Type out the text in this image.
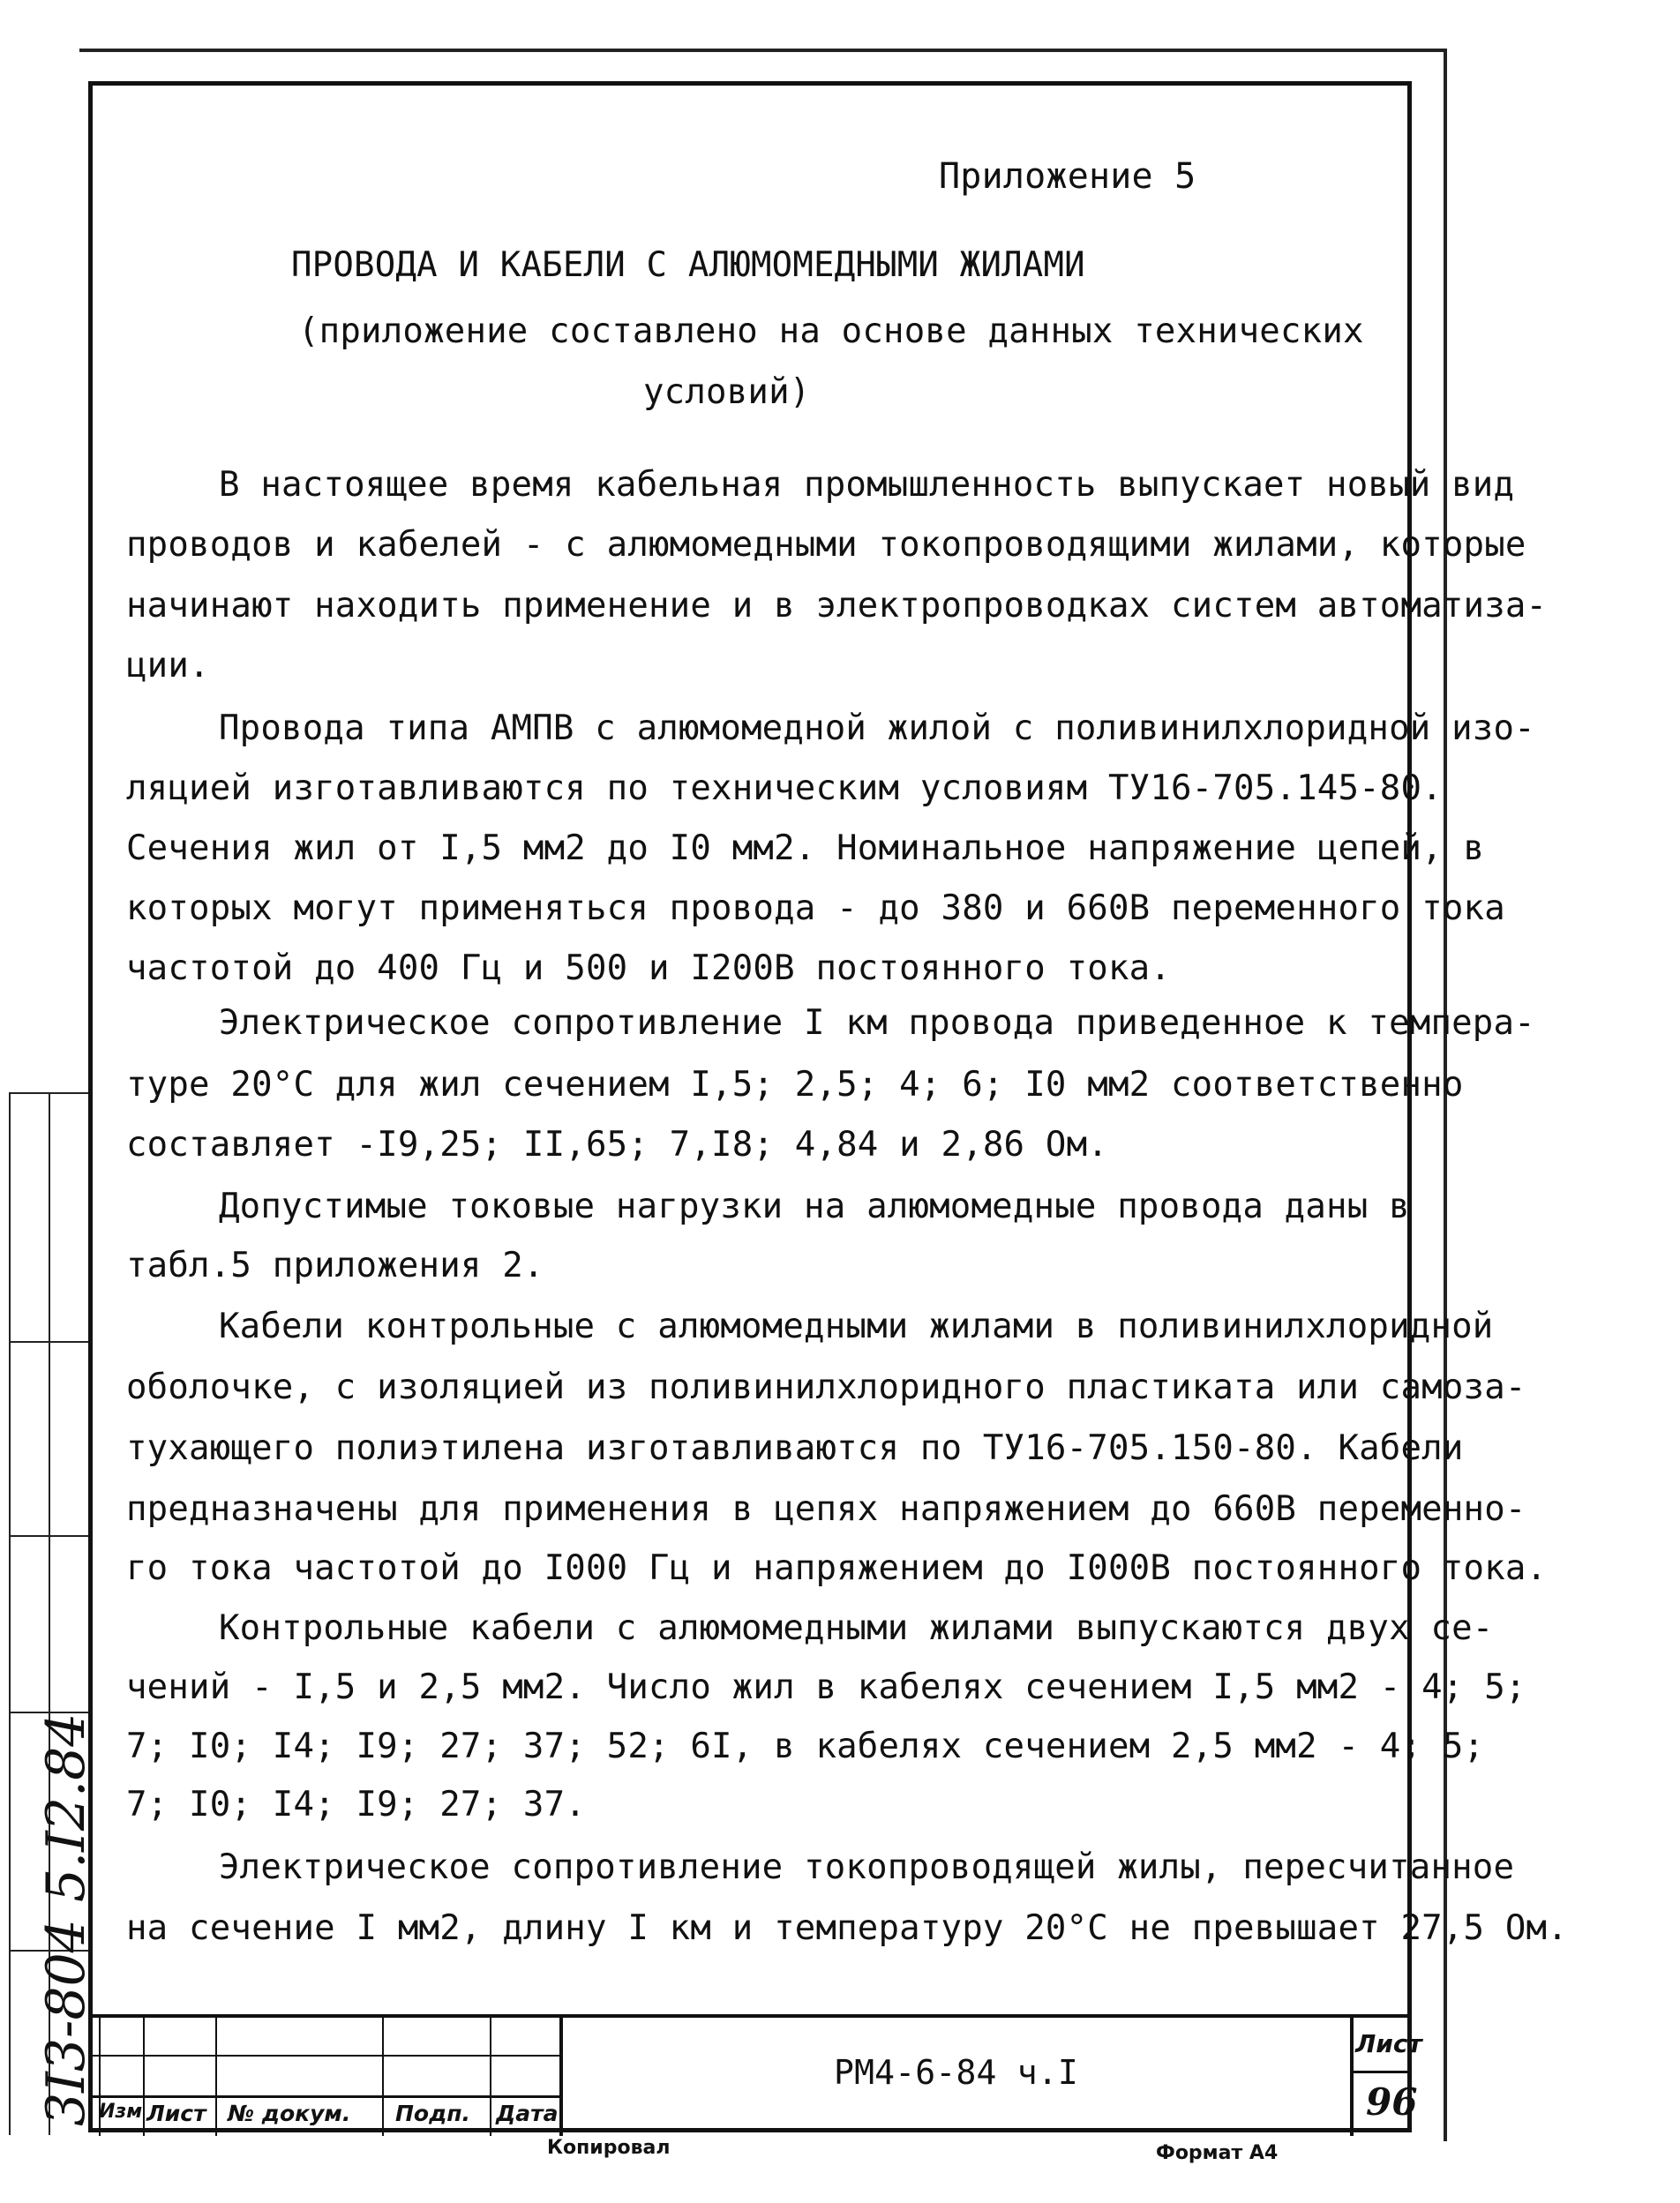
3I3-804 5.I2.84
Приложение 5
ПРОВОДА И КАБЕЛИ С АЛЮМОМЕДНЫМИ ЖИЛАМИ
(приложение составлено на основе данных технических
условий)
В настоящее время кабельная промышленность выпускает новый вид
проводов и кабелей - с алюмомедными токопроводящими жилами, которые
начинают находить применение и в электропроводках систем автоматиза-
ции.
Провода типа АМПВ с алюмомедной жилой с поливинилхлоридной изо-
ляцией изготавливаются по техническим условиям ТУ16-705.145-80.
Сечения жил от I,5 мм2 до I0 мм2. Номинальное напряжение цепей, в
которых могут применяться провода - до 380 и 660В переменного тока
частотой до 400 Гц и 500 и I200В постоянного тока.
Электрическое сопротивление I км провода приведенное к темпера-
туре 20°С для жил сечением I,5; 2,5; 4; 6; I0 мм2 соответственно
составляет -I9,25; II,65; 7,I8; 4,84 и 2,86 Ом.
Допустимые токовые нагрузки на алюмомедные провода даны в
табл.5 приложения 2.
Кабели контрольные с алюмомедными жилами в поливинилхлоридной
оболочке, с изоляцией из поливинилхлоридного пластиката или самоза-
тухающего полиэтилена изготавливаются по ТУ16-705.150-80. Кабели
предназначены для применения в цепях напряжением до 660В переменно-
го тока частотой до I000 Гц и напряжением до I000В постоянного тока.
Контрольные кабели с алюмомедными жилами выпускаются двух се-
чений - I,5 и 2,5 мм2. Число жил в кабелях сечением I,5 мм2 - 4; 5;
7; I0; I4; I9; 27; 37; 52; 6I, в кабелях сечением 2,5 мм2 - 4; 5;
7; I0; I4; I9; 27; 37.
Электрическое сопротивление токопроводящей жилы, пересчитанное
на сечение I мм2, длину I км и температуру 20°С не превышает 27,5 Ом.
Изм Лист № докум. Подп. Дата
РМ4-6-84 ч.I
Лист
96
Копировал	Формат А4
